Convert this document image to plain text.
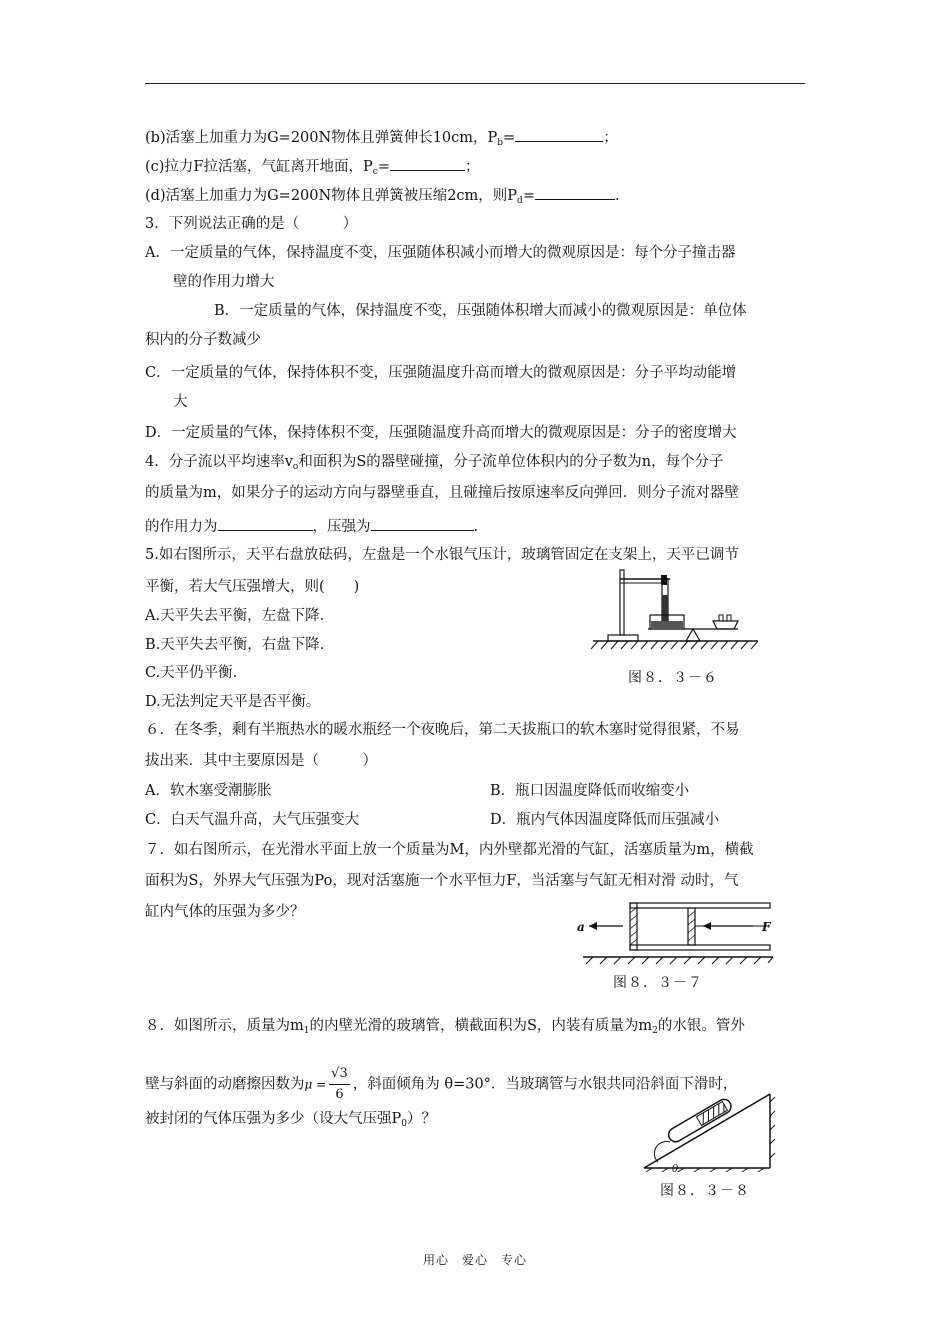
(b)活塞上加重力为G=200N物体且弹簧伸长10cm，$P_b=$	；
(c)拉力F拉活塞，气缸离开地面，$P_c=$	；
(d)活塞上加重力为G=200N物体且弹簧被压缩2cm，则$P_d=$	.
3．下列说法正确的是（　　　）
A．一定质量的气体，保持温度不变，压强随体积减小而增大的微观原因是：每个分子撞击器
壁的作用力增大
B．一定质量的气体，保持温度不变，压强随体积增大而减小的微观原因是：单位体
积内的分子数减少
C．一定质量的气体，保持体积不变，压强随温度升高而增大的微观原因是：分子平均动能增
大
D．一定质量的气体，保持体积不变，压强随温度升高而增大的微观原因是：分子的密度增大
4．分子流以平均速率$v_o$和面积为S的器壁碰撞，分子流单位体积内的分子数为n，每个分子
的质量为m，如果分子的运动方向与器壁垂直，且碰撞后按原速率反向弹回．则分子流对器壁
的作用力为	，压强为	.
5.如右图所示，天平右盘放砝码，左盘是一个水银气压计，玻璃管固定在支架上，天平已调节
平衡，若大气压强增大，则(　　)
A.天平失去平衡，左盘下降.
B.天平失去平衡，右盘下降.
C.天平仍平衡.
D.无法判定天平是否平衡。
图８．３－６
６．在冬季，剩有半瓶热水的暖水瓶经一个夜晚后，第二天拔瓶口的软木塞时觉得很紧，不易
拔出来．其中主要原因是（　　　）
A．软木塞受潮膨胀	B．瓶口因温度降低而收缩变小
C．白天气温升高，大气压强变大	D．瓶内气体因温度降低而压强减小
７．如右图所示，在光滑水平面上放一个质量为M，内外壁都光滑的气缸，活塞质量为m，横截
面积为S，外界大气压强为Po，现对活塞施一个水平恒力F，当活塞与气缸无相对滑 动时，气
缸内气体的压强为多少？
a	F
图８．３－７
８．如图所示，质量为$m_1$的内壁光滑的玻璃管，横截面积为S，内装有质量为$m_2$的水银。管外
壁与斜面的动磨擦因数为$\mu = \frac{√3}{6}$ ，斜面倾角为 θ=30°．当玻璃管与水银共同沿斜面下滑时，
被封闭的气体压强为多少（设大气压强$P_0$）？
θ
图８．３－８
用心　爱心　专心
